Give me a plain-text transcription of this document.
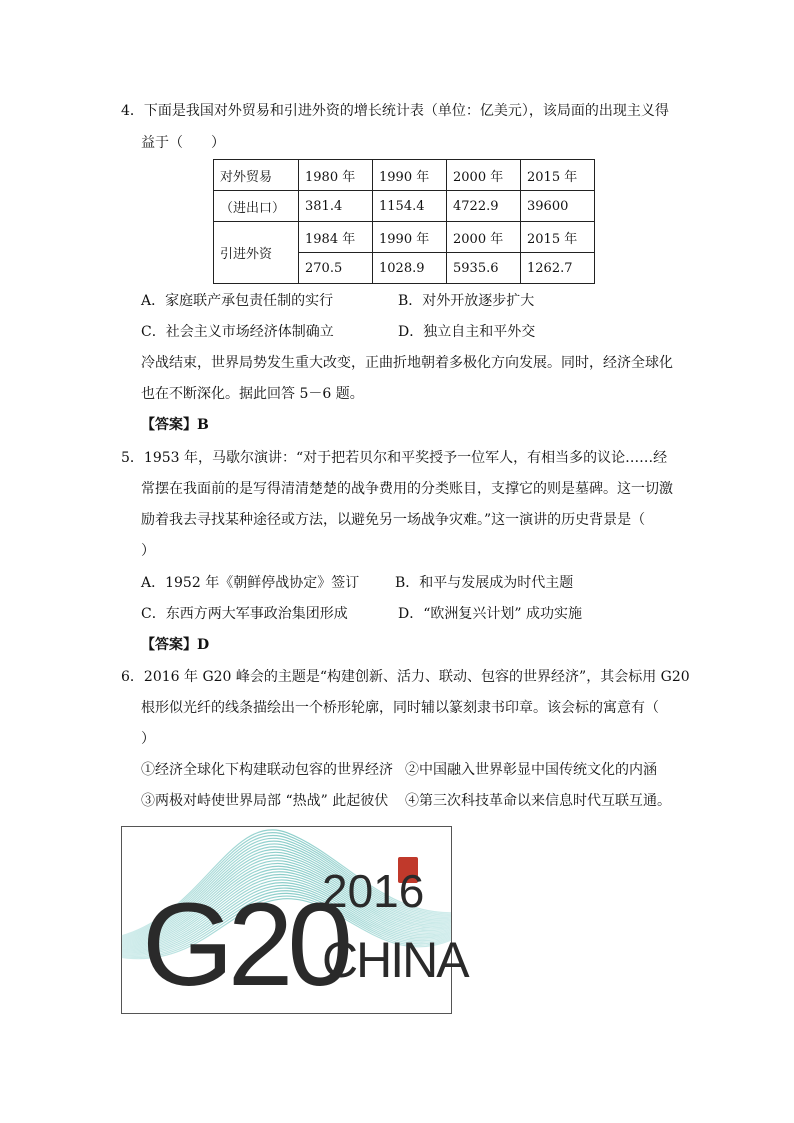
4．下面是我国对外贸易和引进外资的增长统计表（单位：亿美元），该局面的出现主义得
益于（　　）
对外贸易	1980 年	1990 年	2000 年	2015 年
（进出口）	381.4	1154.4	4722.9	39600
引进外资	1984 年	1990 年	2000 年	2015 年
	270.5	1028.9	5935.6	1262.7
A．家庭联产承包责任制的实行	B．对外开放逐步扩大
C．社会主义市场经济体制确立	D．独立自主和平外交
冷战结束，世界局势发生重大改变，正曲折地朝着多极化方向发展。同时，经济全球化
也在不断深化。据此回答 5－6 题。
【答案】B
5．1953 年，马歇尔演讲：“对于把若贝尔和平奖授予一位军人，有相当多的议论……经
常摆在我面前的是写得清清楚楚的战争费用的分类账目，支撑它的则是墓碑。这一切激
励着我去寻找某种途径或方法，以避免另一场战争灾难。”这一演讲的历史背景是（
）
A．1952 年《朝鲜停战协定》签订	B．和平与发展成为时代主题
C．东西方两大军事政治集团形成	D．“欧洲复兴计划” 成功实施
【答案】D
6．2016 年 G20 峰会的主题是“构建创新、活力、联动、包容的世界经济”，其会标用 G20
根形似光纤的线条描绘出一个桥形轮廓，同时辅以篆刻隶书印章。该会标的寓意有（
）
①经济全球化下构建联动包容的世界经济 ②中国融入世界彰显中国传统文化的内涵
③两极对峙使世界局部 “热战” 此起彼伏 ④第三次科技革命以来信息时代互联互通。
G20
2016
CHINA
